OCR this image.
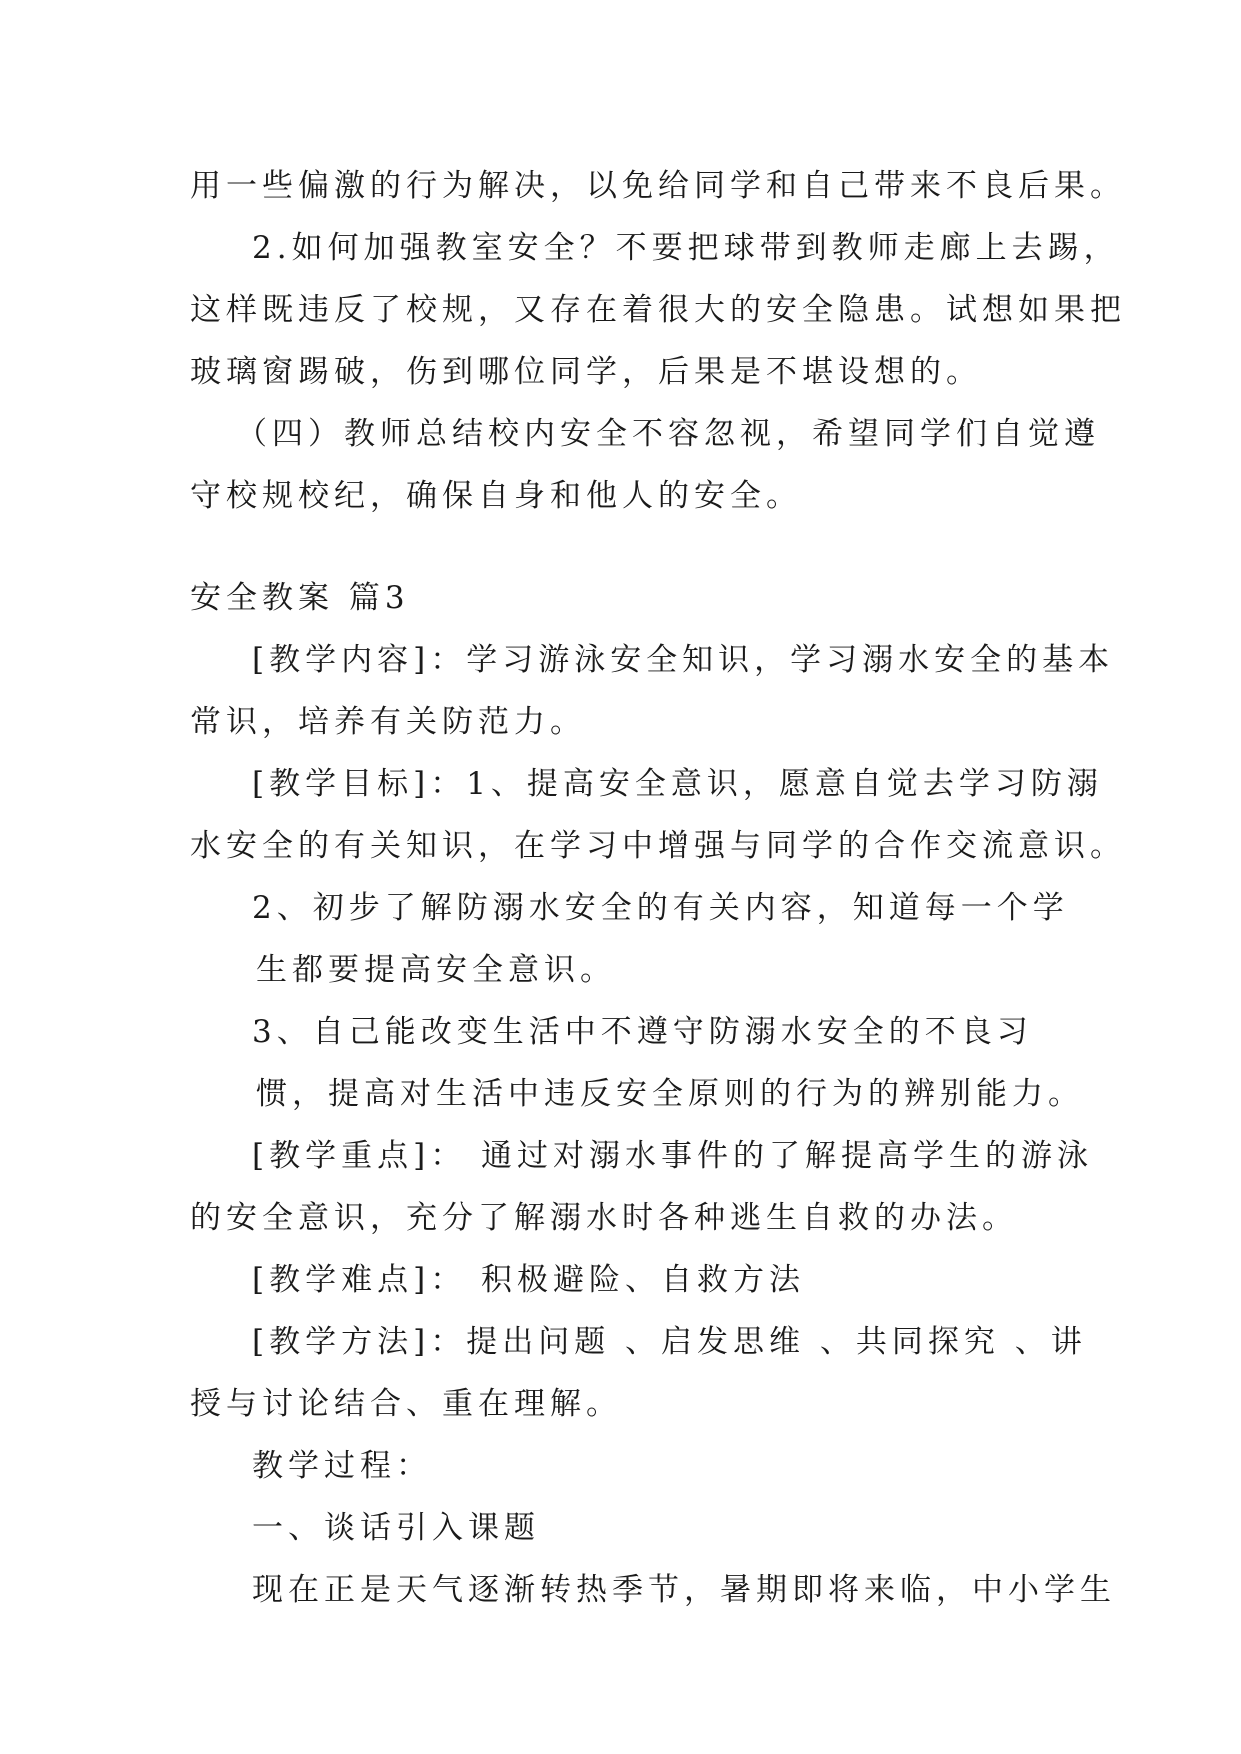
用一些偏激的行为解决，以免给同学和自己带来不良后果。
2.如何加强教室安全？不要把球带到教师走廊上去踢，
这样既违反了校规，又存在着很大的安全隐患。试想如果把
玻璃窗踢破，伤到哪位同学，后果是不堪设想的。
（四）教师总结校内安全不容忽视，希望同学们自觉遵
守校规校纪，确保自身和他人的安全。
安全教案 篇3
[教学内容]：学习游泳安全知识，学习溺水安全的基本
常识，培养有关防范力。
[教学目标]：1、提高安全意识，愿意自觉去学习防溺
水安全的有关知识，在学习中增强与同学的合作交流意识。
2、初步了解防溺水安全的有关内容，知道每一个学
生都要提高安全意识。
3、自己能改变生活中不遵守防溺水安全的不良习
惯，提高对生活中违反安全原则的行为的辨别能力。
[教学重点]： 通过对溺水事件的了解提高学生的游泳
的安全意识，充分了解溺水时各种逃生自救的办法。
[教学难点]： 积极避险、自救方法
[教学方法]：提出问题 、启发思维 、共同探究 、讲
授与讨论结合、重在理解。
教学过程：
一、谈话引入课题
现在正是天气逐渐转热季节，暑期即将来临，中小学生
